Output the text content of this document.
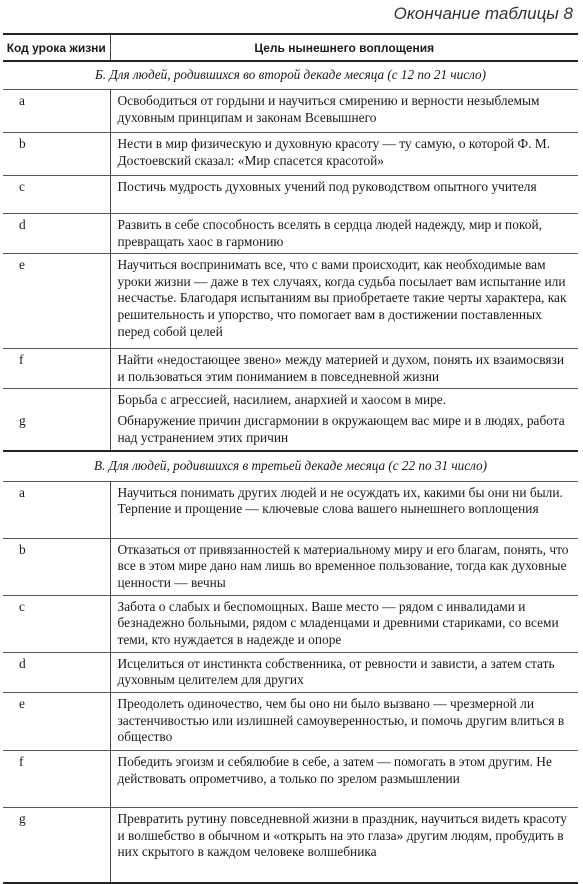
Окончание таблицы 8
Код урока жизни	Цель нынешнего воплощения
Б. Для людей, родившихся во второй декаде месяца (с 12 по 21 число)	
a	Освободиться от гордыни и научиться смирению и верности незыблемым духовным принципам и законам Всевышнего
b	Нести в мир физическую и духовную красоту — ту самую, о которой Ф. М. Достоевский сказал: «Мир спасется красотой»
c	Постичь мудрость духовных учений под руководством опытного учителя
d	Развить в себе способность вселять в сердца людей надежду, мир и покой, превращать хаос в гармонию
e	Научиться воспринимать все, что с вами происходит, как необходимые вам уроки жизни — даже в тех случаях, когда судьба посылает вам испытание или несчастье. Благодаря испытаниям вы приобретаете такие черты характера, как решительность и упорство, что помогает вам в достижении поставленных перед собой целей
f	Найти «недостающее звено» между материей и духом, понять их взаимосвязи и пользоваться этим пониманием в повседневной жизни
g	Борьба с агрессией, насилием, анархией и хаосом в мире.
Обнаружение причин дисгармонии в окружающем вас мире и в людях, работа над устранением этих причин

В. Для людей, родившихся в третьей декаде месяца (с 22 по 31 число)	
a	Научиться понимать других людей и не осуждать их, какими бы они ни были. Терпение и прощение — ключевые слова вашего нынешнего воплощения
b	Отказаться от привязанностей к материальному миру и его благам, понять, что все в этом мире дано нам лишь во временное пользование, тогда как духовные ценности — вечны
c	Забота о слабых и беспомощных. Ваше место — рядом с инвалидами и безнадежно больными, рядом с младенцами и древними стариками, со всеми теми, кто нуждается в надежде и опоре
d	Исцелиться от инстинкта собственника, от ревности и зависти, а затем стать духовным целителем для других
e	Преодолеть одиночество, чем бы оно ни было вызвано — чрезмерной ли застенчивостью или излишней самоуверенностью, и помочь другим влиться в общество
f	Победить эгоизм и себялюбие в себе, а затем — помогать в этом другим. Не действовать опрометчиво, а только по зрелом размышлении
g	Превратить рутину повседневной жизни в праздник, научиться видеть красоту и волшебство в обычном и «открыть на это глаза» другим людям, пробудить в них скрытого в каждом человеке волшебника
